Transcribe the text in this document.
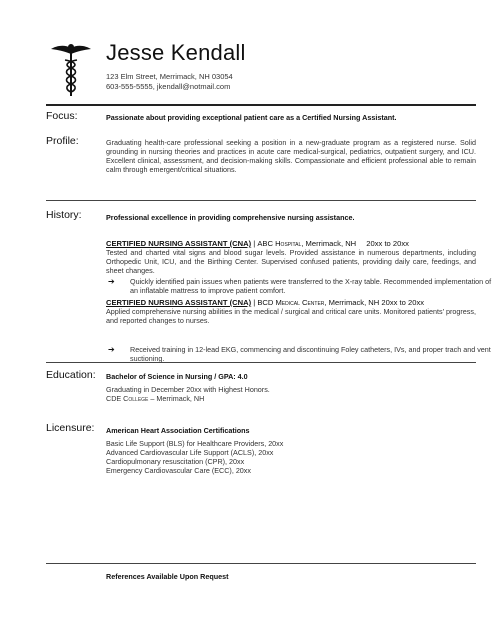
Jesse Kendall
123 Elm Street, Merrimack, NH 03054
603-555-5555, jkendall@notmail.com
Focus:	Passionate about providing exceptional patient care as a Certified Nursing Assistant.
Profile:	Graduating health-care professional seeking a position in a new-graduate program as a registered nurse. Solid grounding in nursing theories and practices in acute care medical-surgical, pediatrics, outpatient surgery, and ICU. Excellent clinical, assessment, and decision-making skills. Compassionate and efficient professional able to remain calm through emergent/critical situations.
History:	Professional excellence in providing comprehensive nursing assistance.
CERTIFIED NURSING ASSISTANT (CNA) | ABC Hospital, Merrimack, NH 20xx to 20xx
Tested and charted vital signs and blood sugar levels. Provided assistance in numerous departments, including Orthopedic Unit, ICU, and the Birthing Center. Supervised confused patients, providing daily care, feedings, and sheet changes.
➔ Quickly identified pain issues when patients were transferred to the X-ray table. Recommended implementation of an inflatable mattress to improve patient comfort.
CERTIFIED NURSING ASSISTANT (CNA) | BCD Medical Center, Merrimack, NH 20xx to 20xx
Applied comprehensive nursing abilities in the medical / surgical and critical care units. Monitored patients' progress, and reported changes to nurses.
➔ Received training in 12-lead EKG, commencing and discontinuing Foley catheters, IVs, and proper trach and vent suctioning.
Education: Bachelor of Science in Nursing / GPA: 4.0
Graduating in December 20xx with Highest Honors.
CDE College – Merrimack, NH
Licensure: American Heart Association Certifications
Basic Life Support (BLS) for Healthcare Providers, 20xx
Advanced Cardiovascular Life Support (ACLS), 20xx
Cardiopulmonary resuscitation (CPR), 20xx
Emergency Cardiovascular Care (ECC), 20xx
References Available Upon Request
